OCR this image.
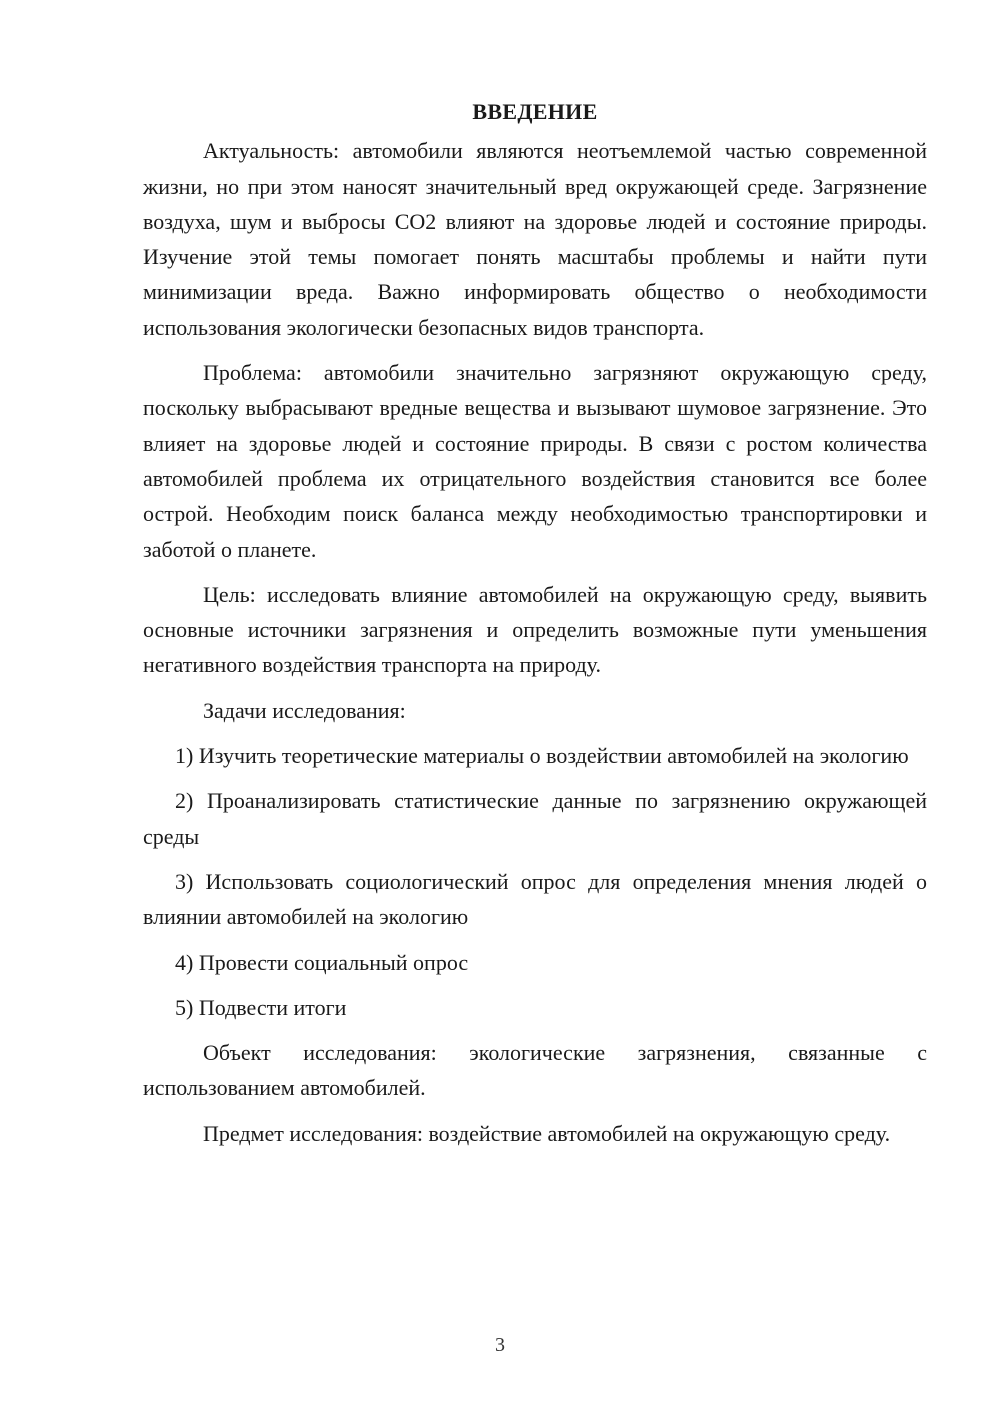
ВВЕДЕНИЕ

Актуальность: автомобили являются неотъемлемой частью современной жизни, но при этом наносят значительный вред окружающей среде. Загрязнение воздуха, шум и выбросы CO2 влияют на здоровье людей и состояние природы. Изучение этой темы помогает понять масштабы проблемы и найти пути минимизации вреда. Важно информировать общество о необходимости использования экологически безопасных видов транспорта.

Проблема: автомобили значительно загрязняют окружающую среду, поскольку выбрасывают вредные вещества и вызывают шумовое загрязнение. Это влияет на здоровье людей и состояние природы. В связи с ростом количества автомобилей проблема их отрицательного воздействия становится все более острой. Необходим поиск баланса между необходимостью транспортировки и заботой о планете.

Цель: исследовать влияние автомобилей на окружающую среду, выявить основные источники загрязнения и определить возможные пути уменьшения негативного воздействия транспорта на природу.

Задачи исследования:

1) Изучить теоретические материалы о воздействии автомобилей на экологию

2) Проанализировать статистические данные по загрязнению окружающей среды

3) Использовать социологический опрос для определения мнения людей о влиянии автомобилей на экологию

4) Провести социальный опрос

5) Подвести итоги

Объект исследования: экологические загрязнения, связанные с использованием автомобилей.

Предмет исследования: воздействие автомобилей на окружающую среду.

3
